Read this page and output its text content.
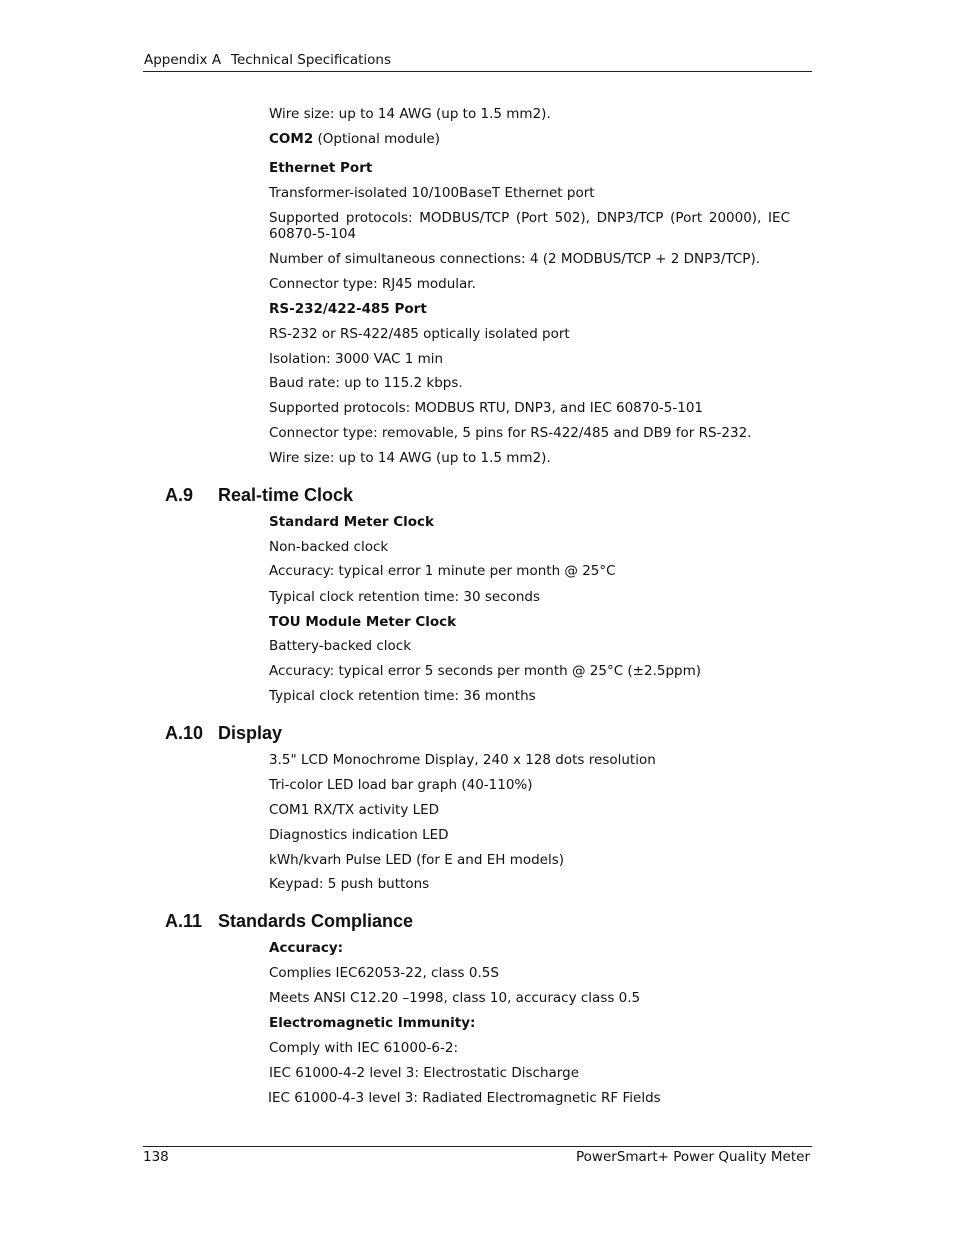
Appendix A Technical Specifications
Wire size: up to 14 AWG (up to 1.5 mm2).
COM2 (Optional module)
Ethernet Port
Transformer-isolated 10/100BaseT Ethernet port
Supported protocols: MODBUS/TCP (Port 502), DNP3/TCP (Port 20000), IEC 60870-5-104
Number of simultaneous connections: 4 (2 MODBUS/TCP + 2 DNP3/TCP).
Connector type: RJ45 modular.
RS-232/422-485 Port
RS-232 or RS-422/485 optically isolated port
Isolation: 3000 VAC 1 min
Baud rate: up to 115.2 kbps.
Supported protocols: MODBUS RTU, DNP3, and IEC 60870-5-101
Connector type: removable, 5 pins for RS-422/485 and DB9 for RS-232.
Wire size: up to 14 AWG (up to 1.5 mm2).
A.9 Real-time Clock
Standard Meter Clock
Non-backed clock
Accuracy: typical error 1 minute per month @ 25°C
Typical clock retention time: 30 seconds
TOU Module Meter Clock
Battery-backed clock
Accuracy: typical error 5 seconds per month @ 25°C (±2.5ppm)
Typical clock retention time: 36 months
A.10 Display
3.5" LCD Monochrome Display, 240 x 128 dots resolution
Tri-color LED load bar graph (40-110%)
COM1 RX/TX activity LED
Diagnostics indication LED
kWh/kvarh Pulse LED (for E and EH models)
Keypad: 5 push buttons
A.11 Standards Compliance
Accuracy:
Complies IEC62053-22, class 0.5S
Meets ANSI C12.20 –1998, class 10, accuracy class 0.5
Electromagnetic Immunity:
Comply with IEC 61000-6-2:
IEC 61000-4-2 level 3: Electrostatic Discharge
IEC 61000-4-3 level 3: Radiated Electromagnetic RF Fields
138	PowerSmart+ Power Quality Meter
